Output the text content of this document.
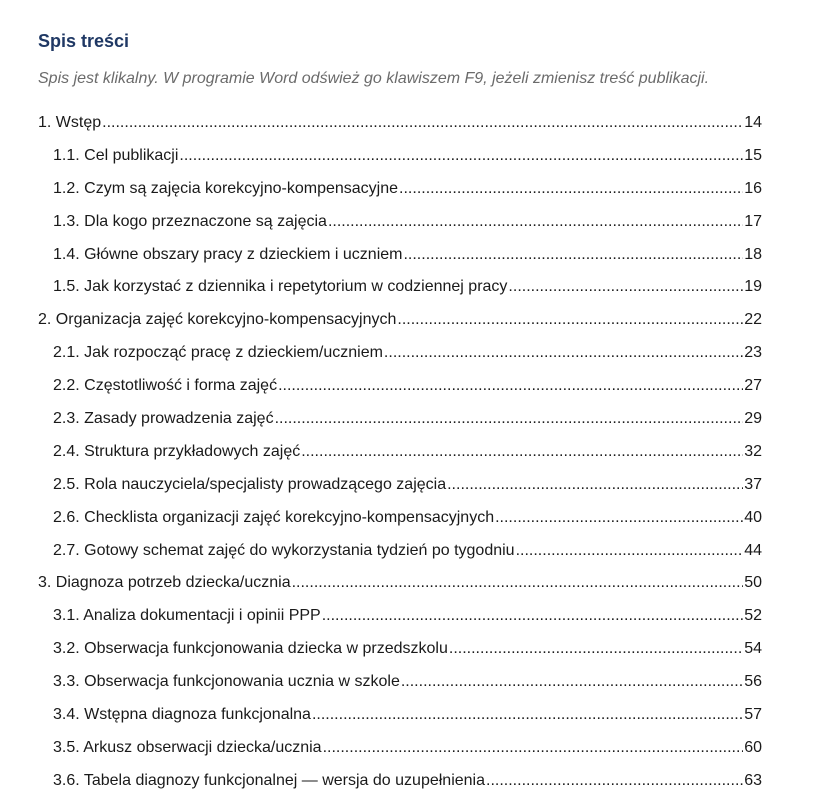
Spis treści
Spis jest klikalny. W programie Word odśwież go klawiszem F9, jeżeli zmienisz treść publikacji.
1. Wstęp .....	14
1.1. Cel publikacji .....	15
1.2. Czym są zajęcia korekcyjno-kompensacyjne .....	16
1.3. Dla kogo przeznaczone są zajęcia .....	17
1.4. Główne obszary pracy z dzieckiem i uczniem .....	18
1.5. Jak korzystać z dziennika i repetytorium w codziennej pracy .....	19
2. Organizacja zajęć korekcyjno-kompensacyjnych .....	22
2.1. Jak rozpocząć pracę z dzieckiem/uczniem .....	23
2.2. Częstotliwość i forma zajęć .....	27
2.3. Zasady prowadzenia zajęć .....	29
2.4. Struktura przykładowych zajęć .....	32
2.5. Rola nauczyciela/specjalisty prowadzącego zajęcia .....	37
2.6. Checklista organizacji zajęć korekcyjno-kompensacyjnych .....	40
2.7. Gotowy schemat zajęć do wykorzystania tydzień po tygodniu .....	44
3. Diagnoza potrzeb dziecka/ucznia .....	50
3.1. Analiza dokumentacji i opinii PPP .....	52
3.2. Obserwacja funkcjonowania dziecka w przedszkolu .....	54
3.3. Obserwacja funkcjonowania ucznia w szkole .....	56
3.4. Wstępna diagnoza funkcjonalna .....	57
3.5. Arkusz obserwacji dziecka/ucznia .....	60
3.6. Tabela diagnozy funkcjonalnej — wersja do uzupełnienia .....	63
